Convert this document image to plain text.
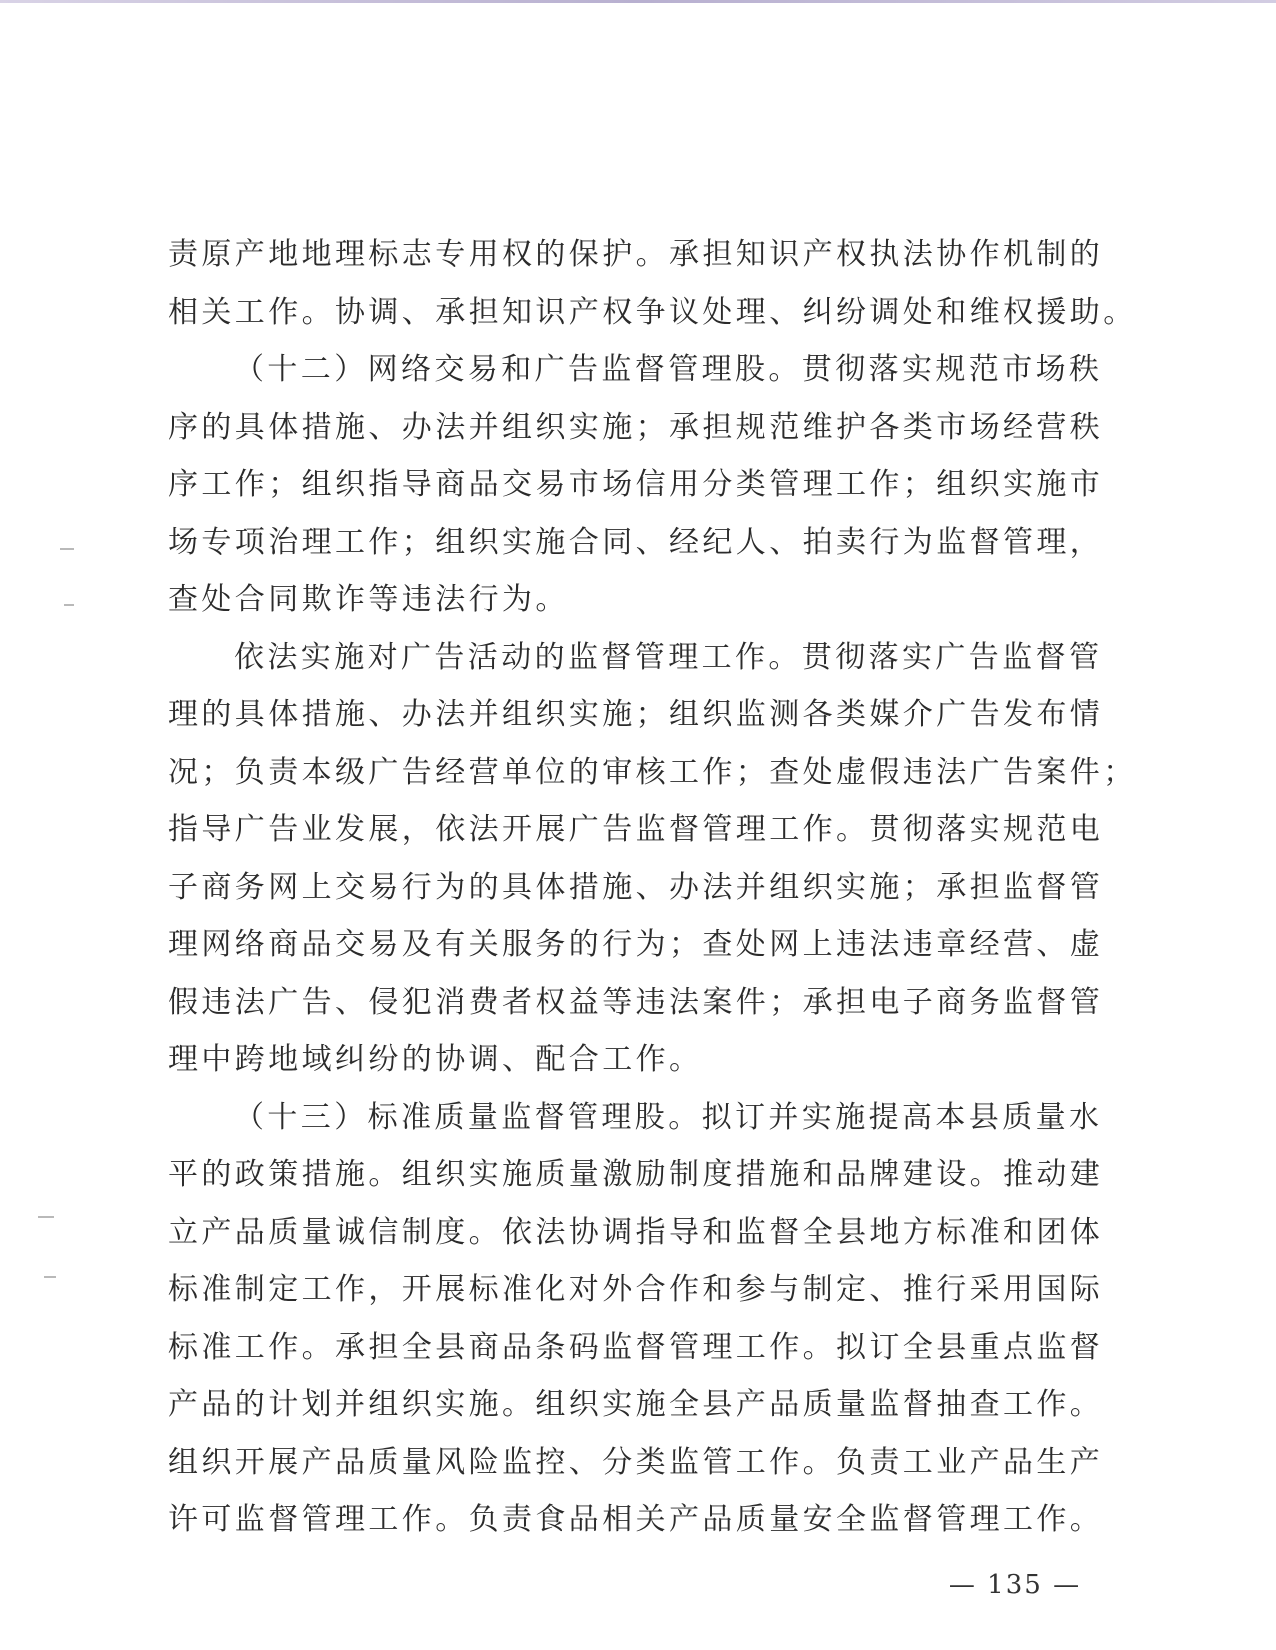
责原产地地理标志专用权的保护。承担知识产权执法协作机制的
相关工作。协调、承担知识产权争议处理、纠纷调处和维权援助。
（十二）网络交易和广告监督管理股。贯彻落实规范市场秩
序的具体措施、办法并组织实施；承担规范维护各类市场经营秩
序工作；组织指导商品交易市场信用分类管理工作；组织实施市
场专项治理工作；组织实施合同、经纪人、拍卖行为监督管理，
查处合同欺诈等违法行为。
依法实施对广告活动的监督管理工作。贯彻落实广告监督管
理的具体措施、办法并组织实施；组织监测各类媒介广告发布情
况；负责本级广告经营单位的审核工作；查处虚假违法广告案件；
指导广告业发展，依法开展广告监督管理工作。贯彻落实规范电
子商务网上交易行为的具体措施、办法并组织实施；承担监督管
理网络商品交易及有关服务的行为；查处网上违法违章经营、虚
假违法广告、侵犯消费者权益等违法案件；承担电子商务监督管
理中跨地域纠纷的协调、配合工作。
（十三）标准质量监督管理股。拟订并实施提高本县质量水
平的政策措施。组织实施质量激励制度措施和品牌建设。推动建
立产品质量诚信制度。依法协调指导和监督全县地方标准和团体
标准制定工作，开展标准化对外合作和参与制定、推行采用国际
标准工作。承担全县商品条码监督管理工作。拟订全县重点监督
产品的计划并组织实施。组织实施全县产品质量监督抽查工作。
组织开展产品质量风险监控、分类监管工作。负责工业产品生产
许可监督管理工作。负责食品相关产品质量安全监督管理工作。
— 135 —
